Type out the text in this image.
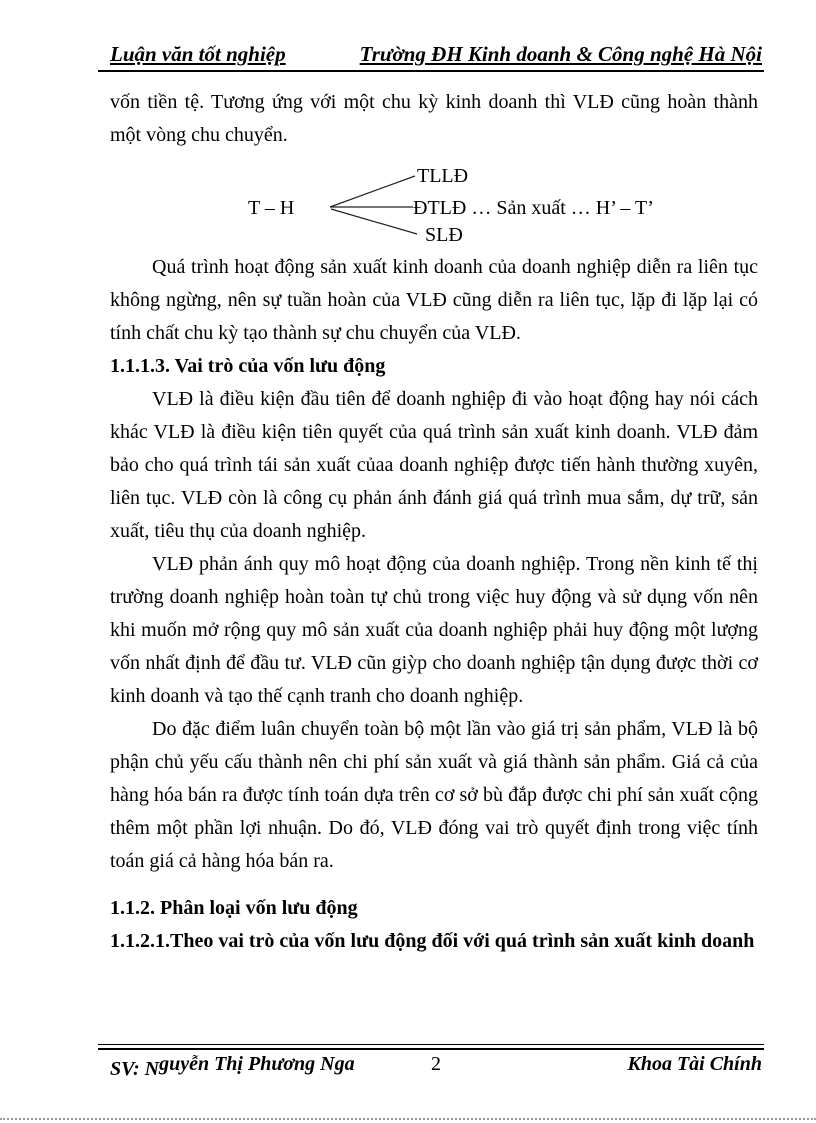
Luận văn tốt nghiệp	Trường ĐH Kinh doanh & Công nghệ Hà Nội

vốn tiền tệ. Tương ứng với một chu kỳ kinh doanh thì VLĐ cũng hoàn thành một vòng chu chuyển.

T – H
TLLĐ
ĐTLĐ … Sản xuất … H’ – T’
SLĐ

Quá trình hoạt động sản xuất kinh doanh của doanh nghiệp diễn ra liên tục không ngừng, nên sự tuần hoàn của VLĐ cũng diễn ra liên tục, lặp đi lặp lại có tính chất chu kỳ tạo thành sự chu chuyển của VLĐ.

1.1.1.3. Vai trò của vốn lưu động

VLĐ là điều kiện đầu tiên để doanh nghiệp đi vào hoạt động hay nói cách khác VLĐ là điều kiện tiên quyết của quá trình sản xuất kinh doanh. VLĐ đảm bảo cho quá trình tái sản xuất củaa doanh nghiệp được tiến hành thường xuyên, liên tục. VLĐ còn là công cụ phản ánh đánh giá quá trình mua sắm, dự trữ, sản xuất, tiêu thụ của doanh nghiệp.

VLĐ phản ánh quy mô hoạt động của doanh nghiệp. Trong nền kinh tế thị trường doanh nghiệp hoàn toàn tự chủ trong việc huy động và sử dụng vốn nên khi muốn mở rộng quy mô sản xuất của doanh nghiệp phải huy động một lượng vốn nhất định để đầu tư. VLĐ cũn giỳp cho doanh nghiệp tận dụng được thời cơ kinh doanh và tạo thế cạnh tranh cho doanh nghiệp.

Do đặc điểm luân chuyển toàn bộ một lần vào giá trị sản phẩm, VLĐ là bộ phận chủ yếu cấu thành nên chi phí sản xuất và giá thành sản phẩm. Giá cả của hàng hóa bán ra được tính toán dựa trên cơ sở bù đắp được chi phí sản xuất cộng thêm một phần lợi nhuận. Do đó, VLĐ đóng vai trò quyết định trong việc tính toán giá cả hàng hóa bán ra.

1.1.2. Phân loại vốn lưu động

1.1.2.1.Theo vai trò của vốn lưu động đối với quá trình sản xuất kinh doanh

SV: Nguyễn Thị Phương Nga	2	Khoa Tài Chính
